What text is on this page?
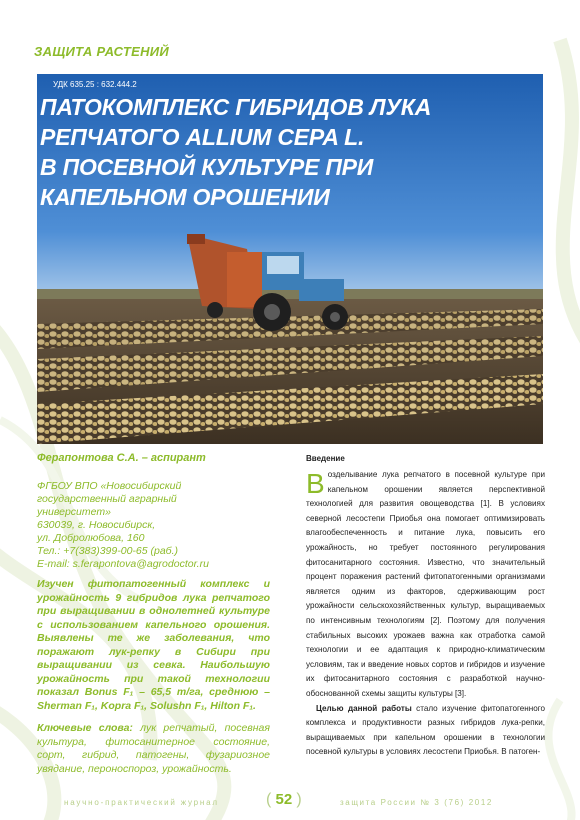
ЗАЩИТА РАСТЕНИЙ
УДК 635.25 : 632.444.2
ПАТОКОМПЛЕКС ГИБРИДОВ ЛУКА
РЕПЧАТОГО ALLIUM CEPA L.
В ПОСЕВНОЙ КУЛЬТУРЕ ПРИ
КАПЕЛЬНОМ ОРОШЕНИИ
Ферапонтова С.А. – аспирант
ФГБОУ ВПО «Новосибирский
государственный аграрный
университет»
630039, г. Новосибирск,
ул. Добролюбова, 160
Тел.: +7(383)399-00-65 (раб.)
E-mail: s.ferapontova@agrodoctor.ru
Изучен фитопатогенный комплекс и урожайность 9 гибридов лука репчатого при выращивании в однолетней культуре с использованием капельного орошения. Выявлены те же заболевания, что поражают лук-репку в Сибири при выращивании из севка. Наибольшую урожайность при такой технологии показал Bonus F₁ – 65,5 т/га, среднюю – Sherman F₁, Kopra F₁, Solushn F₁, Hilton F₁.
Ключевые слова: лук репчатый, посевная культура, фитосанитерное состояние, сорт, гибрид, патогены, фузариозное увядание, пероноспороз, урожайность.
Введение

Возделывание лука репчатого в посевной культуре при капельном орошении является перспективной технологией для развития овощеводства [1]. В условиях северной лесостепи Приобья она помогает оптимизировать влагообеспеченность и питание лука, повысить его урожайность, но требует постоянного регулирования фитосанитарного состояния. Известно, что значительный процент поражения растений фитопатогенными организмами является одним из факторов, сдерживающим рост урожайности сельскохозяйственных культур, выращиваемых по интенсивным технологиям [2]. Поэтому для получения стабильных высоких урожаев важна как отработка самой технологии и ее адаптация к природно-климатическим условиям, так и введение новых сортов и гибридов и изучение их фитосанитарного состояния с разработкой научно-обоснованной схемы защиты культуры [3].

Целью данной работы стало изучение фитопатогенного комплекса и продуктивности разных гибридов лука-репки, выращиваемых при капельном орошении в технологии посевной культуры в условиях лесостепи Приобья. В патоген-

научно-практический журнал	( 52 )	защита России № 3 (76) 2012
